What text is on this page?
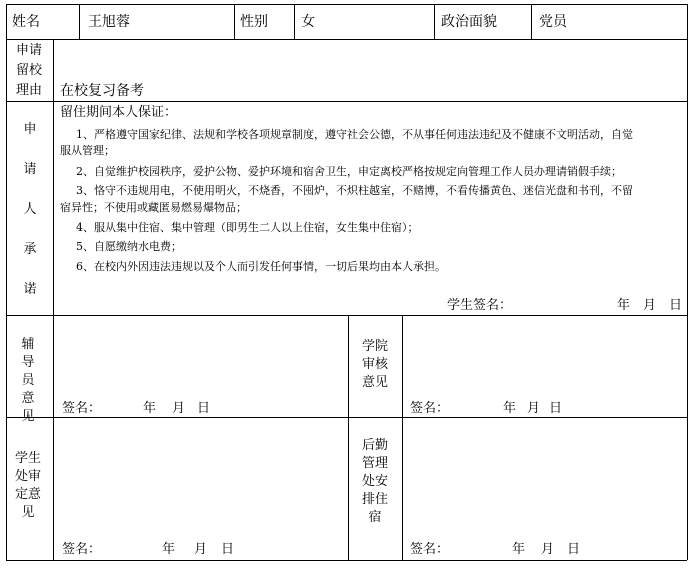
姓名	王旭蓉	性别 女	政治面貌	党员
申请
留校
理由 在校复习备考
申
请
人
承
诺
留住期间本人保证：
1、严格遵守国家纪律、法规和学校各项规章制度，遵守社会公德，不从事任何违法违纪及不健康不文明活动，自觉
服从管理；
2、自觉维护校园秩序，爱护公物、爱护环境和宿舍卫生，申定离校严格按规定向管理工作人员办理请销假手续；
3、恪守不违规用电，不使用明火，不烧香，不囤炉，不炽柱越室，不赌博，不看传播黄色、迷信光盘和书刊，不留
宿异性；不使用或藏匿易燃易爆物品；
4、服从集中住宿、集中管理（即男生二人以上住宿，女生集中住宿）；
5、自愿缴纳水电费；
6、在校内外因违法违规以及个人而引发任何事情，一切后果均由本人承担。
学生签名：	年　月　日
辅导
员意
见
签名：	年 月 日
学院
审核
意见
签名：	年 月 日
学生
处审
定意
见
签名：	年 月 日
后勤
管理
处安
排住
宿
签名：	年 月 日
